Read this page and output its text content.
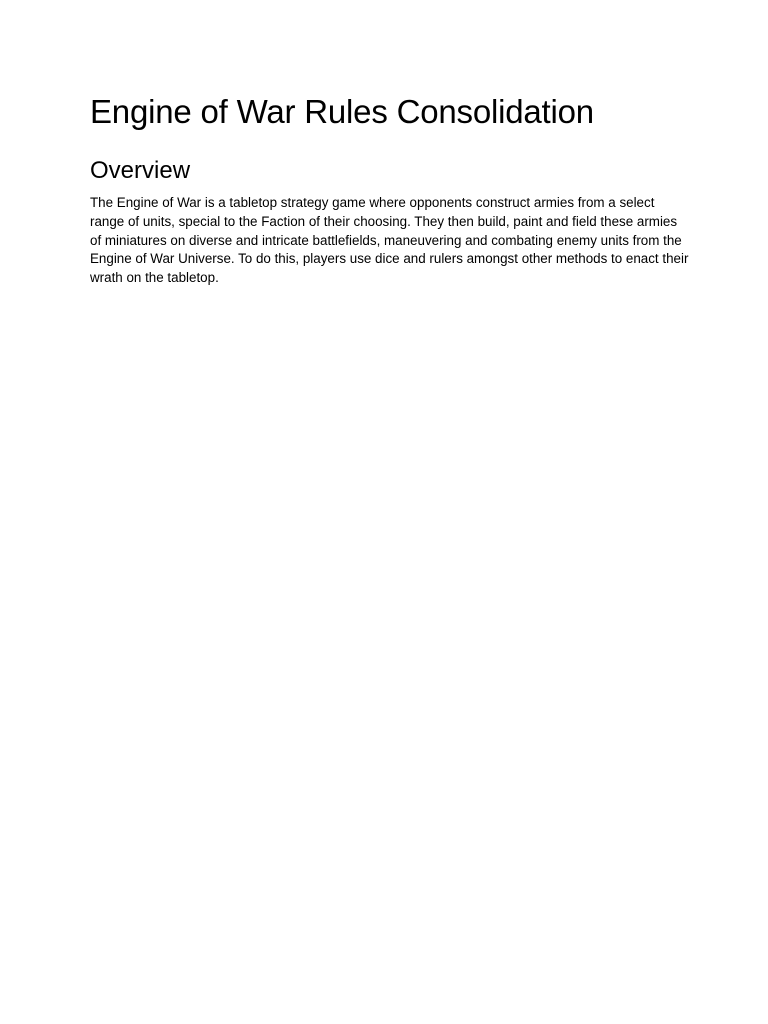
Engine of War Rules Consolidation
Overview

The Engine of War is a tabletop strategy game where opponents construct armies from a select range of units, special to the Faction of their choosing. They then build, paint and field these armies of miniatures on diverse and intricate battlefields, maneuvering and combating enemy units from the Engine of War Universe. To do this, players use dice and rulers amongst other methods to enact their wrath on the tabletop.
